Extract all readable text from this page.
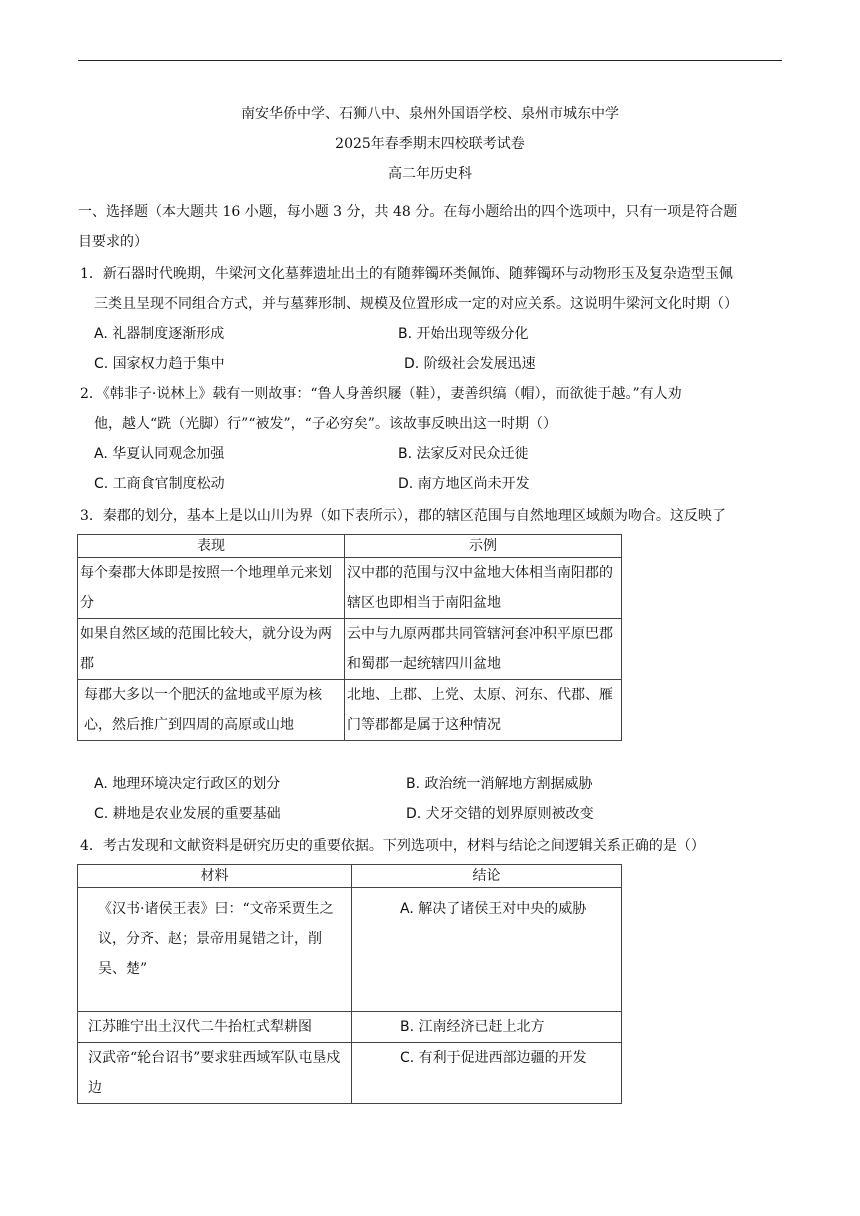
南安华侨中学、石狮八中、泉州外国语学校、泉州市城东中学
2025年春季期末四校联考试卷
高二年历史科
一、选择题（本大题共 16 小题，每小题 3 分，共 48 分。在每小题给出的四个选项中，只有一项是符合题
目要求的）
1．新石器时代晚期，牛梁河文化墓葬遗址出土的有随葬镯环类佩饰、随葬镯环与动物形玉及复杂造型玉佩
三类且呈现不同组合方式，并与墓葬形制、规模及位置形成一定的对应关系。这说明牛梁河文化时期（）
A. 礼器制度逐渐形成	B. 开始出现等级分化
C. 国家权力趋于集中	D. 阶级社会发展迅速
2．《韩非子·说林上》载有一则故事：“鲁人身善织屦（鞋），妻善织缟（帽），而欲徙于越。”有人劝
他，越人“跣（光脚）行”“被发”，“子必穷矣”。该故事反映出这一时期（）
A. 华夏认同观念加强	B. 法家反对民众迁徙
C. 工商食官制度松动	D. 南方地区尚未开发
3．秦郡的划分，基本上是以山川为界（如下表所示），郡的辖区范围与自然地理区域颇为吻合。这反映了
表现	示例
每个秦郡大体即是按照一个地理单元来划分	汉中郡的范围与汉中盆地大体相当南阳郡的辖区也即相当于南阳盆地
如果自然区域的范围比较大，就分设为两郡	云中与九原两郡共同管辖河套冲积平原巴郡和蜀郡一起统辖四川盆地
每郡大多以一个肥沃的盆地或平原为核心，然后推广到四周的高原或山地	北地、上郡、上党、太原、河东、代郡、雁门等郡都是属于这种情况
A. 地理环境决定行政区的划分	B. 政治统一消解地方割据威胁
C. 耕地是农业发展的重要基础	D. 犬牙交错的划界原则被改变
4．考古发现和文献资料是研究历史的重要依据。下列选项中，材料与结论之间逻辑关系正确的是（）
材料	结论
《汉书·诸侯王表》曰：“文帝采贾生之议，分齐、赵；景帝用晁错之计，削吴、楚”	A. 解决了诸侯王对中央的威胁
江苏睢宁出土汉代二牛抬杠式犁耕图	B. 江南经济已赶上北方
汉武帝“轮台诏书”要求驻西域军队屯垦戍边	C. 有利于促进西部边疆的开发
